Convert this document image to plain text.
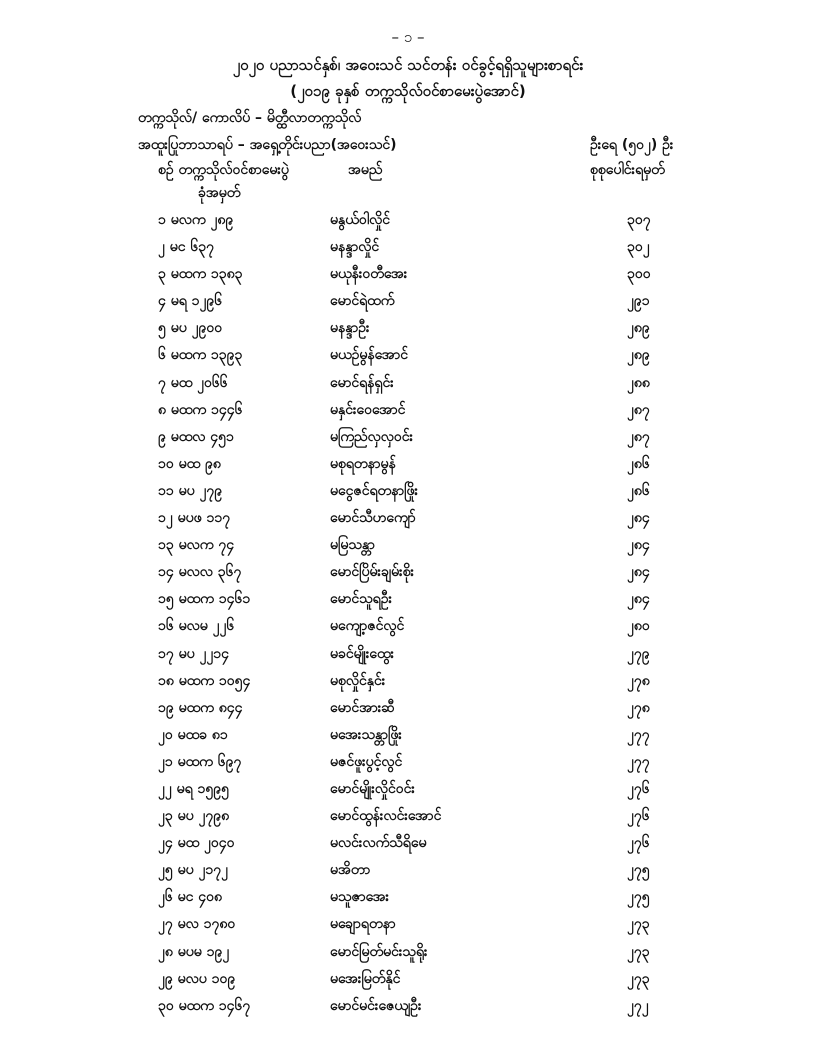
– ၁ –
၂၀၂၀ ပညာသင်နှစ်၊ အဝေးသင် သင်တန်း ဝင်ခွင့်ရရှိသူများစာရင်း
(၂၀၁၉ ခုနှစ် တက္ကသိုလ်ဝင်စာမေးပွဲအောင်)
တက္ကသိုလ်/ ကောလိပ် – မိတ္ထီလာတက္ကသိုလ်
အထူးပြုဘာသာရပ် – အရှေ့တိုင်းပညာ(အဝေးသင်)	ဦးရေ (၅၀၂) ဦး
စဉ် တက္ကသိုလ်ဝင်စာမေးပွဲ
ခုံအမှတ်
အမည်	စုစုပေါင်းရမှတ်
၁ မလက ၂၈၉	မနွယ်ဝါလှိုင်	၃၀၇
၂ မင ၆၃၇	မနန္ဒာလှိုင်	၃၀၂
၃ မထက ၁၃၈၃	မယုနီးဝတီအေး	၃၀၀
၄ မရ ၁၂၉၆	မောင်ရဲထက်	၂၉၁
၅ မပ ၂၉၀၀	မနန္ဒာဦး	၂၈၉
၆ မထက ၁၃၉၃	မယဉ်မွန်အောင်	၂၈၉
၇ မထ ၂၀၆၆	မောင်ရန်ရှင်း	၂၈၈
၈ မထက ၁၄၄၆	မနှင်းဝေအောင်	၂၈၇
၉ မထလ ၄၅၁	မကြည်လှလှဝင်း	၂၈၇
၁၀ မထ ၉၈	မစုရတနာမွန်	၂၈၆
၁၁ မပ ၂၇၉	မငွေဇင်ရတနာဖြိုး	၂၈၆
၁၂ မပဖ ၁၁၇	မောင်သီဟကျော်	၂၈၄
၁၃ မလက ၇၄	မမြသန္တာ	၂၈၄
၁၄ မလလ ၃၆၇	မောင်ပြိမ်းချမ်းစိုး	၂၈၄
၁၅ မထက ၁၄၆၁	မောင်သူရဦး	၂၈၄
၁၆ မလမ ၂၂၆	မကျော့ဇင်လွင်	၂၈၀
၁၇ မပ ၂၂၁၄	မခင်မျိုးထွေး	၂၇၉
၁၈ မထက ၁၀၅၄	မစုလှိုင်နှင်း	၂၇၈
၁၉ မထက ၈၄၄	မောင်အားဆီ	၂၇၈
၂၀ မထခ ၈၁	မအေးသန္တာဖြိုး	၂၇၇
၂၁ မထက ၆၉၇	မဇင်ဖူးပွင့်လွင်	၂၇၇
၂၂ မရ ၁၅၉၅	မောင်မျိုးလှိုင်ဝင်း	၂၇၆
၂၃ မပ ၂၇၉၈	မောင်ထွန်းလင်းအောင်	၂၇၆
၂၄ မထ ၂၀၄၀	မလင်းလက်သီရိမေ	၂၇၆
၂၅ မပ ၂၁၇၂	မအိတာ	၂၇၅
၂၆ မင ၄၀၈	မသူဇာအေး	၂၇၅
၂၇ မလ ၁၇၈၀	မချောရတနာ	၂၇၃
၂၈ မပမ ၁၉၂	မောင်မြတ်မင်းသူရိုး	၂၇၃
၂၉ မလပ ၁၀၉	မအေးမြတ်နိုင်	၂၇၃
၃၀ မထက ၁၄၆၇	မောင်မင်းဇေယျဦး	၂၇၂
